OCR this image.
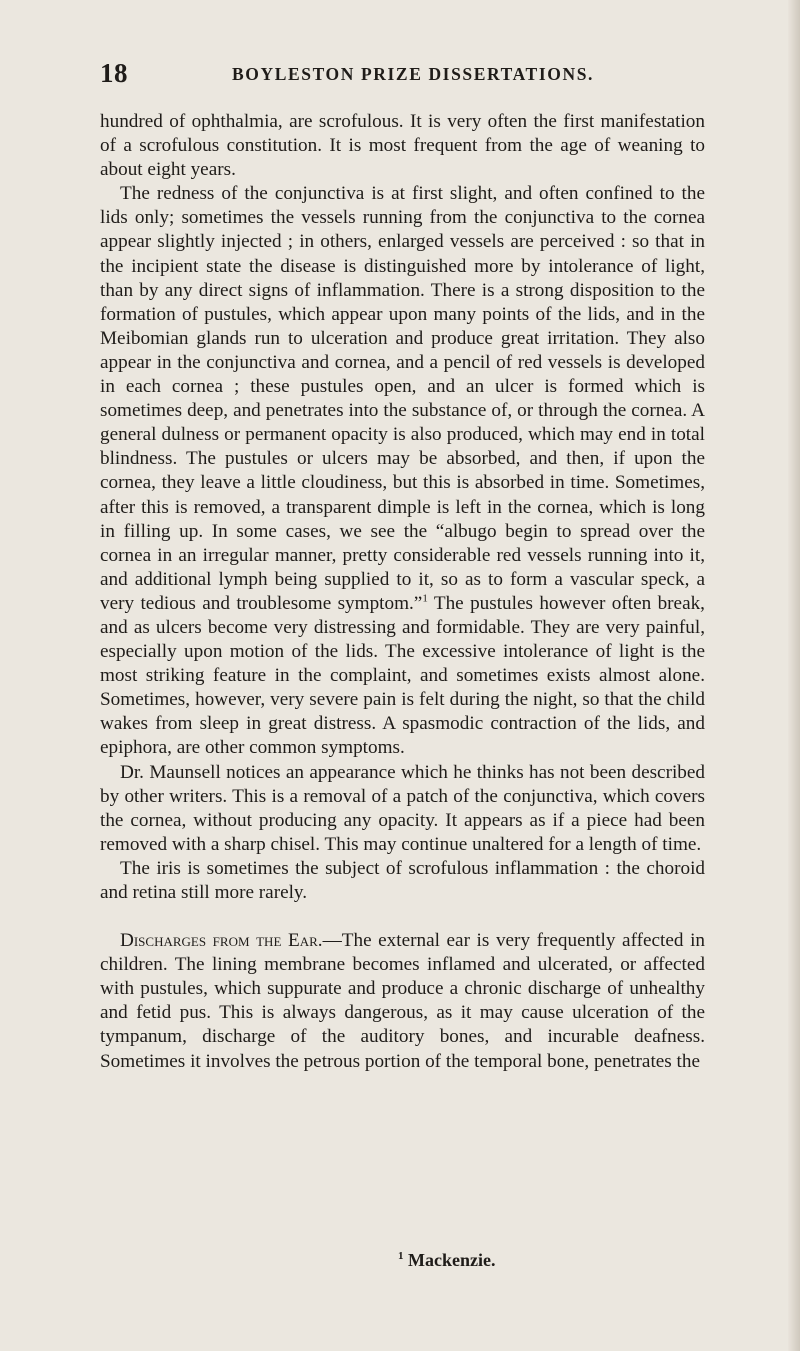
18	BOYLESTON PRIZE DISSERTATIONS.

hundred of ophthalmia, are scrofulous. It is very often the first manifestation of a scrofulous constitution. It is most frequent from the age of weaning to about eight years.

The redness of the conjunctiva is at first slight, and often confined to the lids only; sometimes the vessels running from the conjunctiva to the cornea appear slightly injected ; in others, enlarged vessels are perceived : so that in the incipient state the disease is distinguished more by intolerance of light, than by any direct signs of inflammation. There is a strong disposition to the formation of pustules, which appear upon many points of the lids, and in the Meibomian glands run to ulceration and produce great irritation. They also appear in the conjunctiva and cornea, and a pencil of red vessels is developed in each cornea ; these pustules open, and an ulcer is formed which is sometimes deep, and penetrates into the substance of, or through the cornea. A general dulness or permanent opacity is also produced, which may end in total blindness. The pustules or ulcers may be absorbed, and then, if upon the cornea, they leave a little cloudiness, but this is absorbed in time. Sometimes, after this is removed, a transparent dimple is left in the cornea, which is long in filling up. In some cases, we see the “albugo begin to spread over the cornea in an irregular manner, pretty considerable red vessels running into it, and additional lymph being supplied to it, so as to form a vascular speck, a very tedious and troublesome symptom.”$^1$ The pustules however often break, and as ulcers become very distressing and formidable. They are very painful, especially upon motion of the lids. The excessive intolerance of light is the most striking feature in the complaint, and sometimes exists almost alone. Sometimes, however, very severe pain is felt during the night, so that the child wakes from sleep in great distress. A spasmodic contraction of the lids, and epiphora, are other common symptoms.

Dr. Maunsell notices an appearance which he thinks has not been described by other writers. This is a removal of a patch of the conjunctiva, which covers the cornea, without producing any opacity. It appears as if a piece had been removed with a sharp chisel. This may continue unaltered for a length of time.

The iris is sometimes the subject of scrofulous inflammation : the choroid and retina still more rarely.

Discharges from the Ear.—The external ear is very frequently affected in children. The lining membrane becomes inflamed and ulcerated, or affected with pustules, which suppurate and produce a chronic discharge of unhealthy and fetid pus. This is always dangerous, as it may cause ulceration of the tympanum, discharge of the auditory bones, and incurable deafness. Sometimes it involves the petrous portion of the temporal bone, penetrates the

$^1$ Mackenzie.
